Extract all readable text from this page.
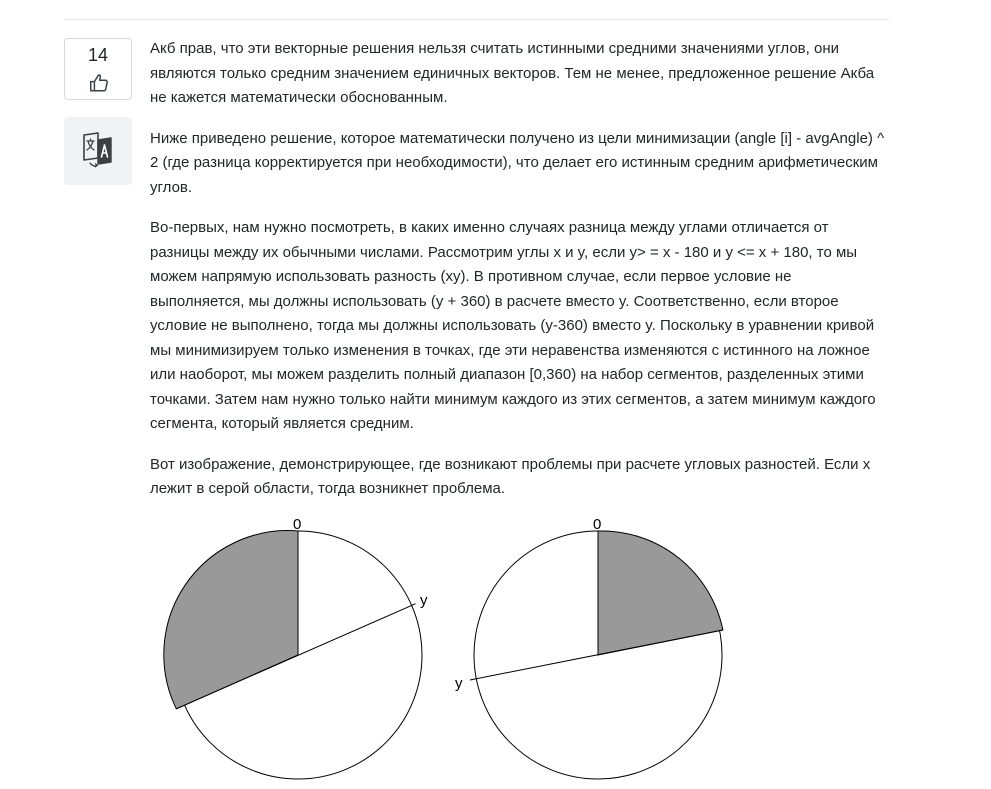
14	Акб прав, что эти векторные решения нельзя считать истинными средними значениями углов, они являются только средним значением единичных векторов. Тем не менее, предложенное решение Акба не кажется математически обоснованным.

Ниже приведено решение, которое математически получено из цели минимизации (angle [i] - avgAngle) ^ 2 (где разница корректируется при необходимости), что делает его истинным средним арифметическим углов.

Во-первых, нам нужно посмотреть, в каких именно случаях разница между углами отличается от разницы между их обычными числами. Рассмотрим углы x и y, если y> = x - 180 и y <= x + 180, то мы можем напрямую использовать разность (xy). В противном случае, если первое условие не выполняется, мы должны использовать (y + 360) в расчете вместо y. Соответственно, если второе условие не выполнено, тогда мы должны использовать (y-360) вместо y. Поскольку в уравнении кривой мы минимизируем только изменения в точках, где эти неравенства изменяются с истинного на ложное или наоборот, мы можем разделить полный диапазон [0,360) на набор сегментов, разделенных этими точками. Затем нам нужно только найти минимум каждого из этих сегментов, а затем минимум каждого сегмента, который является средним.

Вот изображение, демонстрирующее, где возникают проблемы при расчете угловых разностей. Если x лежит в серой области, тогда возникнет проблема.

0
y
0
y
